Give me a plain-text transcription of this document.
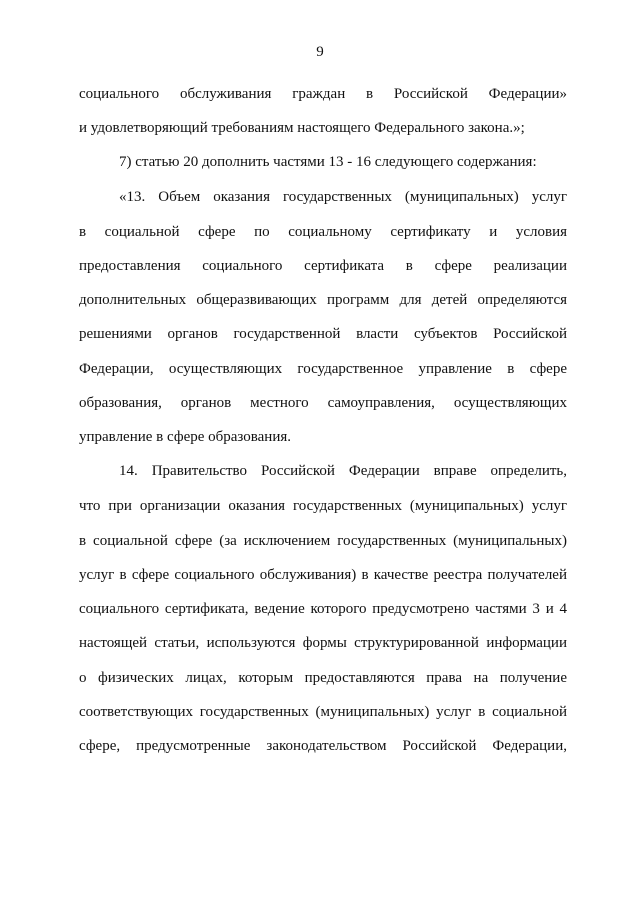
9
социального обслуживания граждан в Российской Федерации»
и удовлетворяющий требованиям настоящего Федерального закона.»;
7) статью 20 дополнить частями 13 - 16 следующего содержания:
«13. Объем оказания государственных (муниципальных) услуг
в социальной сфере по социальному сертификату и условия
предоставления социального сертификата в сфере реализации
дополнительных общеразвивающих программ для детей определяются
решениями органов государственной власти субъектов Российской
Федерации, осуществляющих государственное управление в сфере
образования, органов местного самоуправления, осуществляющих
управление в сфере образования.
14. Правительство Российской Федерации вправе определить,
что при организации оказания государственных (муниципальных) услуг
в социальной сфере (за исключением государственных (муниципальных)
услуг в сфере социального обслуживания) в качестве реестра получателей
социального сертификата, ведение которого предусмотрено частями 3 и 4
настоящей статьи, используются формы структурированной информации
о физических лицах, которым предоставляются права на получение
соответствующих государственных (муниципальных) услуг в социальной
сфере, предусмотренные законодательством Российской Федерации,
